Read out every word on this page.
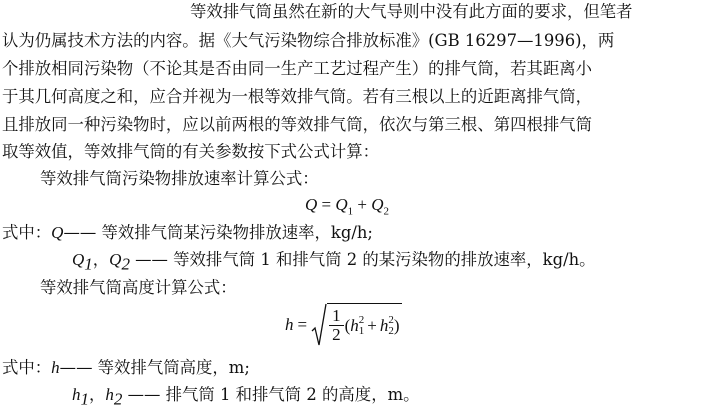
等效排气筒虽然在新的大气导则中没有此方面的要求，但笔者
认为仍属技术方法的内容。据《大气污染物综合排放标准》(GB 16297—1996)，两
个排放相同污染物（不论其是否由同一生产工艺过程产生）的排气筒，若其距离小
于其几何高度之和，应合并视为一根等效排气筒。若有三根以上的近距离排气筒，
且排放同一种污染物时，应以前两根的等效排气筒，依次与第三根、第四根排气筒
取等效值，等效排气筒的有关参数按下式公式计算：
等效排气筒污染物排放速率计算公式：
$Q = Q_1 + Q_2$
式中：Q—— 等效排气筒某污染物排放速率，kg/h;
$Q_1$，$Q_2$ —— 等效排气筒 1 和排气筒 2 的某污染物的排放速率，kg/h。
等效排气筒高度计算公式：
$h = \frac{1}{2}$ ( h 2
1 + h 2
2 )
式中：h—— 等效排气筒高度，m;
$h_1$，$h_2$ —— 排气筒 1 和排气筒 2 的高度，m。
